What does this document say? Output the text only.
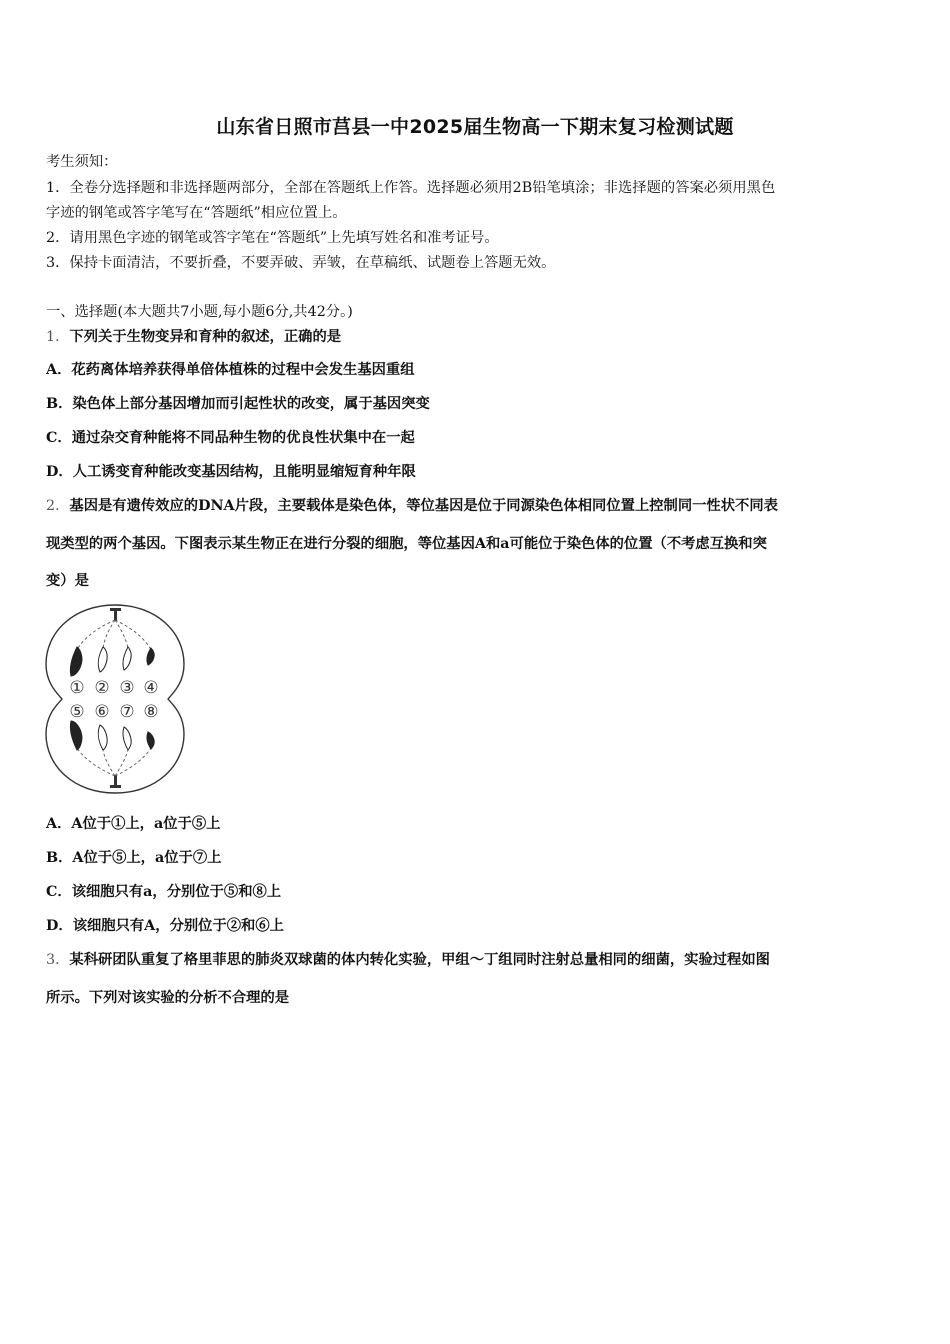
山东省日照市莒县一中2025届生物高一下期末复习检测试题
考生须知：
1．全卷分选择题和非选择题两部分，全部在答题纸上作答。选择题必须用2B铅笔填涂；非选择题的答案必须用黑色
字迹的钢笔或答字笔写在“答题纸”相应位置上。
2．请用黑色字迹的钢笔或答字笔在“答题纸”上先填写姓名和准考证号。
3．保持卡面清洁，不要折叠，不要弄破、弄皱，在草稿纸、试题卷上答题无效。
一、选择题(本大题共7小题,每小题6分,共42分。)
1．下列关于生物变异和育种的叙述，正确的是
A．花药离体培养获得单倍体植株的过程中会发生基因重组
B．染色体上部分基因增加而引起性状的改变，属于基因突变
C．通过杂交育种能将不同品种生物的优良性状集中在一起
D．人工诱变育种能改变基因结构，且能明显缩短育种年限
2．基因是有遗传效应的DNA片段，主要载体是染色体，等位基因是位于同源染色体相同位置上控制同一性状不同表
现类型的两个基因。下图表示某生物正在进行分裂的细胞，等位基因A和a可能位于染色体的位置（不考虑互换和突
变）是
① ② ③ ④
⑤ ⑥ ⑦ ⑧
A．A位于①上，a位于⑤上
B．A位于⑤上，a位于⑦上
C．该细胞只有a，分别位于⑤和⑧上
D．该细胞只有A，分别位于②和⑥上
3．某科研团队重复了格里菲思的肺炎双球菌的体内转化实验，甲组～丁组同时注射总量相同的细菌，实验过程如图
所示。下列对该实验的分析不合理的是
